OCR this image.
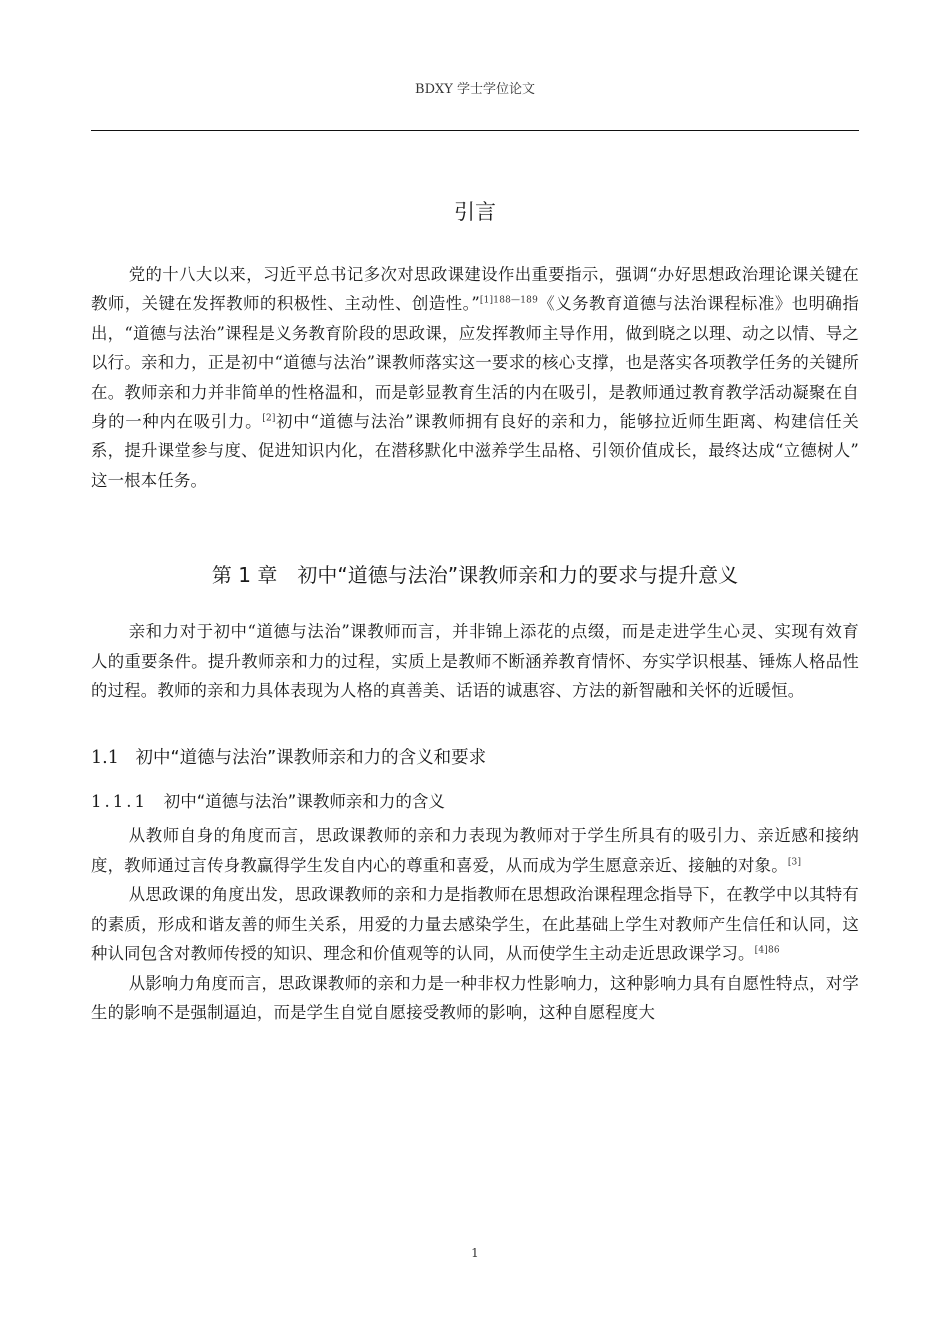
BDXY 学士学位论文
引言

党的十八大以来，习近平总书记多次对思政课建设作出重要指示，强调“办好思想政治理论课关键在教师，关键在发挥教师的积极性、主动性、创造性。”$^{[1]188—189}$《义务教育道德与法治课程标准》也明确指出，“道德与法治”课程是义务教育阶段的思政课，应发挥教师主导作用，做到晓之以理、动之以情、导之以行。亲和力，正是初中“道德与法治”课教师落实这一要求的核心支撑，也是落实各项教学任务的关键所在。教师亲和力并非简单的性格温和，而是彰显教育生活的内在吸引，是教师通过教育教学活动凝聚在自身的一种内在吸引力。[2]初中“道德与法治”课教师拥有良好的亲和力，能够拉近师生距离、构建信任关系，提升课堂参与度、促进知识内化，在潜移默化中滋养学生品格、引领价值成长，最终达成“立德树人” 这一根本任务。

第 1 章　初中“道德与法治”课教师亲和力的要求与提升意义

亲和力对于初中“道德与法治”课教师而言，并非锦上添花的点缀，而是走进学生心灵、实现有效育人的重要条件。提升教师亲和力的过程，实质上是教师不断涵养教育情怀、夯实学识根基、锤炼人格品性的过程。教师的亲和力具体表现为人格的真善美、话语的诚惠容、方法的新智融和关怀的近暖恒。

1.1 初中“道德与法治”课教师亲和力的含义和要求
1.1.1 初中“道德与法治”课教师亲和力的含义

从教师自身的角度而言，思政课教师的亲和力表现为教师对于学生所具有的吸引力、亲近感和接纳度，教师通过言传身教赢得学生发自内心的尊重和喜爱，从而成为学生愿意亲近、接触的对象。[3]

从思政课的角度出发，思政课教师的亲和力是指教师在思想政治课程理念指导下，在教学中以其特有的素质，形成和谐友善的师生关系，用爱的力量去感染学生，在此基础上学生对教师产生信任和认同，这种认同包含对教师传授的知识、理念和价值观等的认同，从而使学生主动走近思政课学习。$^{[4]86}$

从影响力角度而言，思政课教师的亲和力是一种非权力性影响力，这种影响力具有自愿性特点，对学生的影响不是强制逼迫，而是学生自觉自愿接受教师的影响，这种自愿程度大

1
